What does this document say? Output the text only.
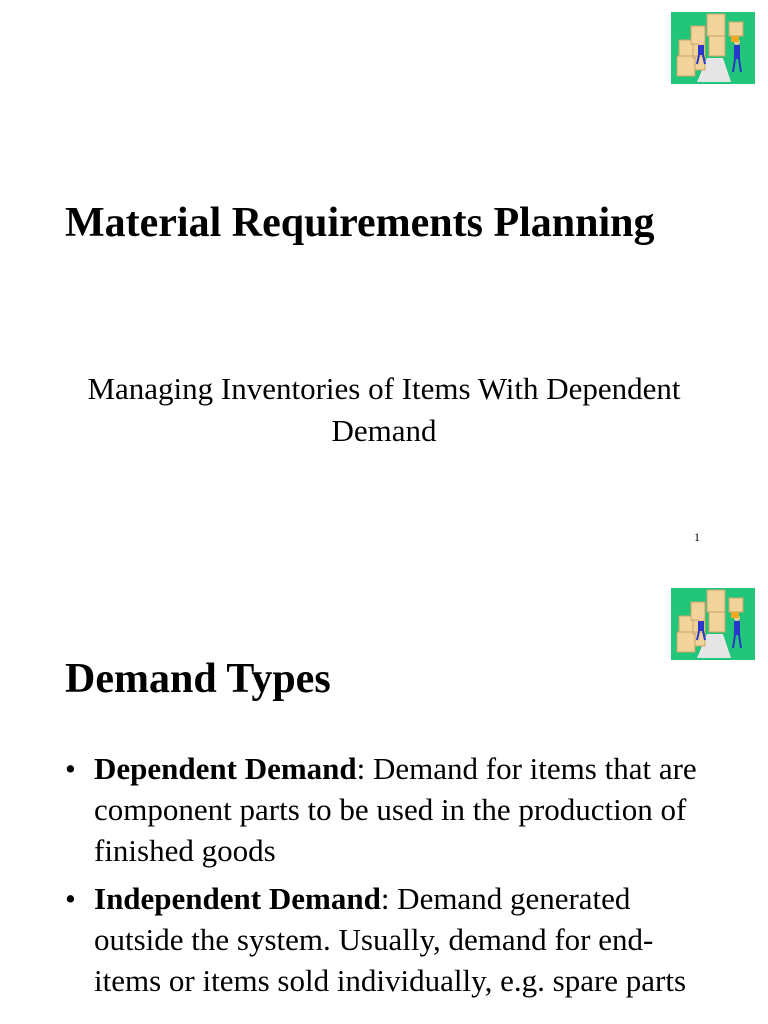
Material Requirements Planning

Managing Inventories of Items With Dependent Demand

1
Demand Types
• Dependent Demand: Demand for items that are component parts to be used in the production of finished goods
• Independent Demand: Demand generated outside the system. Usually, demand for end-items or items sold individually, e.g. spare parts
